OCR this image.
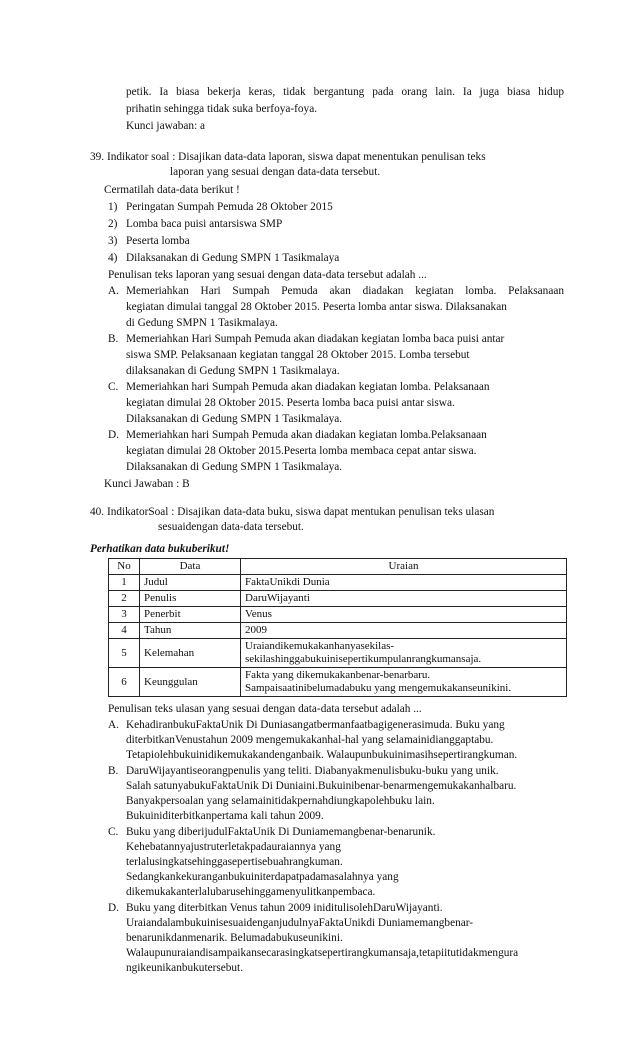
petik. Ia biasa bekerja keras, tidak bergantung pada orang lain. Ia juga biasa hidup
prihatin sehingga tidak suka berfoya-foya.
Kunci jawaban: a
39. Indikator soal : Disajikan data-data laporan, siswa dapat menentukan penulisan teks
laporan yang sesuai dengan data-data tersebut.
Cermatilah data-data berikut !
1) Peringatan Sumpah Pemuda 28 Oktober 2015
2) Lomba baca puisi antarsiswa SMP
3) Peserta lomba
4) Dilaksanakan di Gedung SMPN 1 Tasikmalaya
Penulisan teks laporan yang sesuai dengan data-data tersebut adalah ...
A. Memeriahkan Hari Sumpah Pemuda akan diadakan kegiatan lomba. Pelaksanaan
kegiatan dimulai tanggal 28 Oktober 2015. Peserta lomba antar siswa. Dilaksanakan
di Gedung SMPN 1 Tasikmalaya.
B. Memeriahkan Hari Sumpah Pemuda akan diadakan kegiatan lomba baca puisi antar
siswa SMP. Pelaksanaan kegiatan tanggal 28 Oktober 2015. Lomba tersebut
dilaksanakan di Gedung SMPN 1 Tasikmalaya.
C. Memeriahkan hari Sumpah Pemuda akan diadakan kegiatan lomba. Pelaksanaan
kegiatan dimulai 28 Oktober 2015. Peserta lomba baca puisi antar siswa.
Dilaksanakan di Gedung SMPN 1 Tasikmalaya.
D. Memeriahkan hari Sumpah Pemuda akan diadakan kegiatan lomba.Pelaksanaan
kegiatan dimulai 28 Oktober 2015.Peserta lomba membaca cepat antar siswa.
Dilaksanakan di Gedung SMPN 1 Tasikmalaya.
Kunci Jawaban : B
40. IndikatorSoal : Disajikan data-data buku, siswa dapat mentukan penulisan teks ulasan
sesuaidengan data-data tersebut.
Perhatikan data bukuberikut!
No	Data	Uraian
1	Judul	FaktaUnikdi Dunia
2	Penulis	DaruWijayanti
3	Penerbit	Venus
4	Tahun	2009
5	Kelemahan	Uraiandikemukakanhanyasekilas-
sekilashinggabukuinisepertikumpulanrangkumansaja.

6	Keunggulan	Fakta yang dikemukakanbenar-benarbaru.
Sampaisaatinibelumadabuku yang mengemukakanseunikini.
Penulisan teks ulasan yang sesuai dengan data-data tersebut adalah ...
A. KehadiranbukuFaktaUnik Di Duniasangatbermanfaatbagigenerasimuda. Buku yang
diterbitkanVenustahun 2009 mengemukakanhal-hal yang selamainidianggaptabu.
Tetapiolehbukuinidikemukakandenganbaik. Walaupunbukuinimasihsepertirangkuman.
B. DaruWijayantiseorangpenulis yang teliti. Diabanyakmenulisbuku-buku yang unik.
Salah satunyabukuFaktaUnik Di Duniaini.Bukuinibenar-benarmengemukakanhalbaru.
Banyakpersoalan yang selamainitidakpernahdiungkapolehbuku lain.
Bukuiniditerbitkanpertama kali tahun 2009.
C. Buku yang diberijudulFaktaUnik Di Duniamemangbenar-benarunik.
Kehebatannyajustruterletakpadauraiannya yang
terlalusingkatsehinggasepertisebuahrangkuman.
Sedangkankekuranganbukuiniterdapatpadamasalahnya yang
dikemukakanterlalubarusehinggamenyulitkanpembaca.
D. Buku yang diterbitkan Venus tahun 2009 iniditulisolehDaruWijayanti.
UraiandalambukuinisesuaidenganjudulnyaFaktaUnikdi Duniamemangbenar-
benarunikdanmenarik. Belumadabukuseunikini.
Walaupunuraiandisampaikansecarasingkatsepertirangkumansaja,tetapiitutidakmengura
ngikeunikanbukutersebut.
